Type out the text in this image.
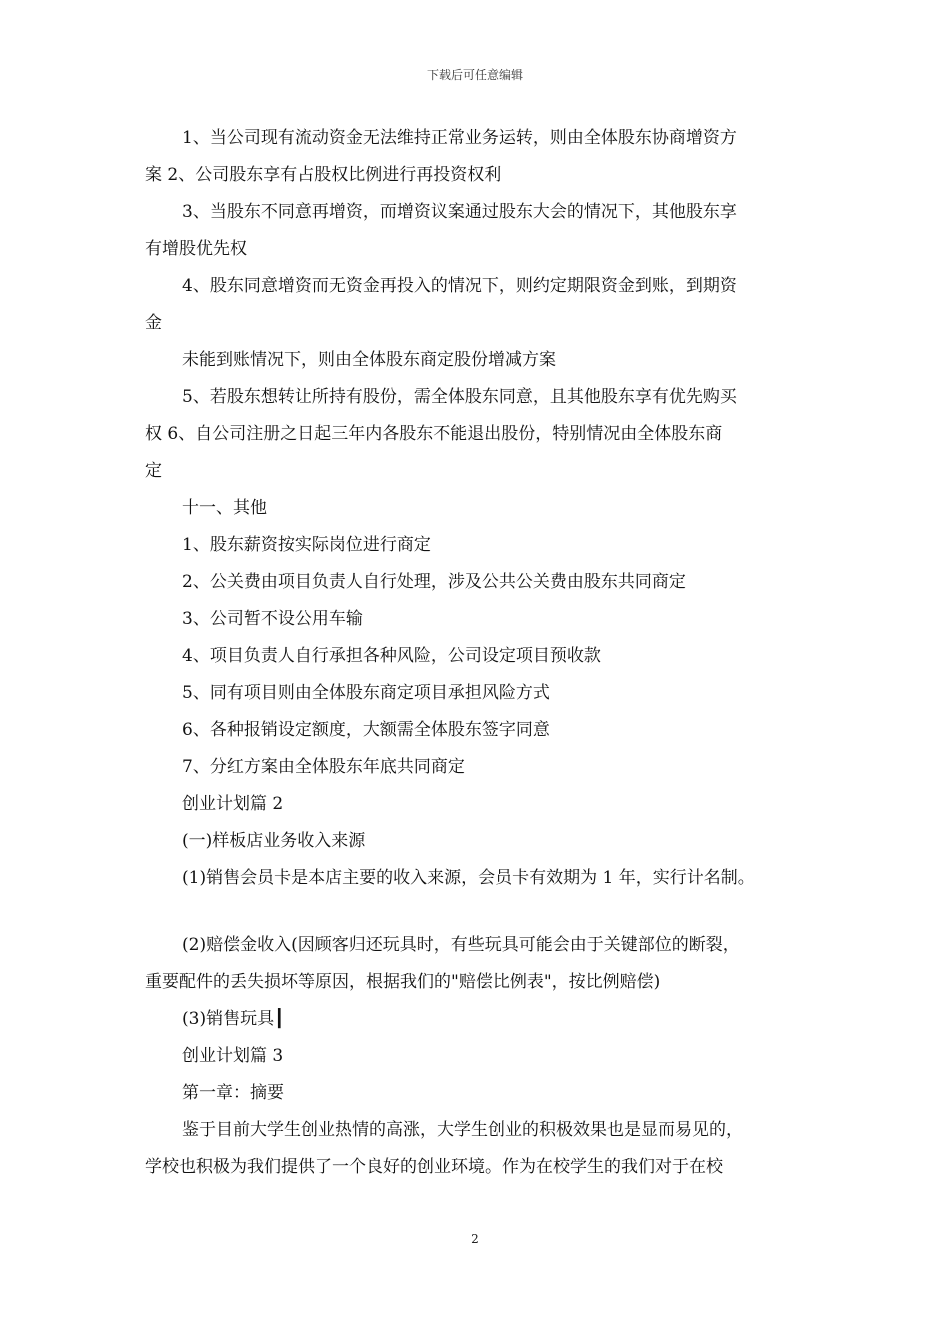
下载后可任意编辑

1、当公司现有流动资金无法维持正常业务运转，则由全体股东协商增资方

案 2、公司股东享有占股权比例进行再投资权利

3、当股东不同意再增资，而增资议案通过股东大会的情况下，其他股东享

有增股优先权

4、股东同意增资而无资金再投入的情况下，则约定期限资金到账，到期资

金

未能到账情况下，则由全体股东商定股份增减方案

5、若股东想转让所持有股份，需全体股东同意，且其他股东享有优先购买

权 6、自公司注册之日起三年内各股东不能退出股份，特别情况由全体股东商

定

十一、其他

1、股东薪资按实际岗位进行商定

2、公关费由项目负责人自行处理，涉及公共公关费由股东共同商定

3、公司暂不设公用车输

4、项目负责人自行承担各种风险，公司设定项目预收款

5、同有项目则由全体股东商定项目承担风险方式

6、各种报销设定额度，大额需全体股东签字同意

7、分红方案由全体股东年底共同商定

创业计划篇 2

(一)样板店业务收入来源

(1)销售会员卡是本店主要的收入来源，会员卡有效期为 1 年，实行计名制。

(2)赔偿金收入(因顾客归还玩具时，有些玩具可能会由于关键部位的断裂，

重要配件的丢失损坏等原因，根据我们的"赔偿比例表"，按比例赔偿)

(3)销售玩具┃

创业计划篇 3

第一章：摘要

鉴于目前大学生创业热情的高涨，大学生创业的积极效果也是显而易见的，

学校也积极为我们提供了一个良好的创业环境。作为在校学生的我们对于在校

2
